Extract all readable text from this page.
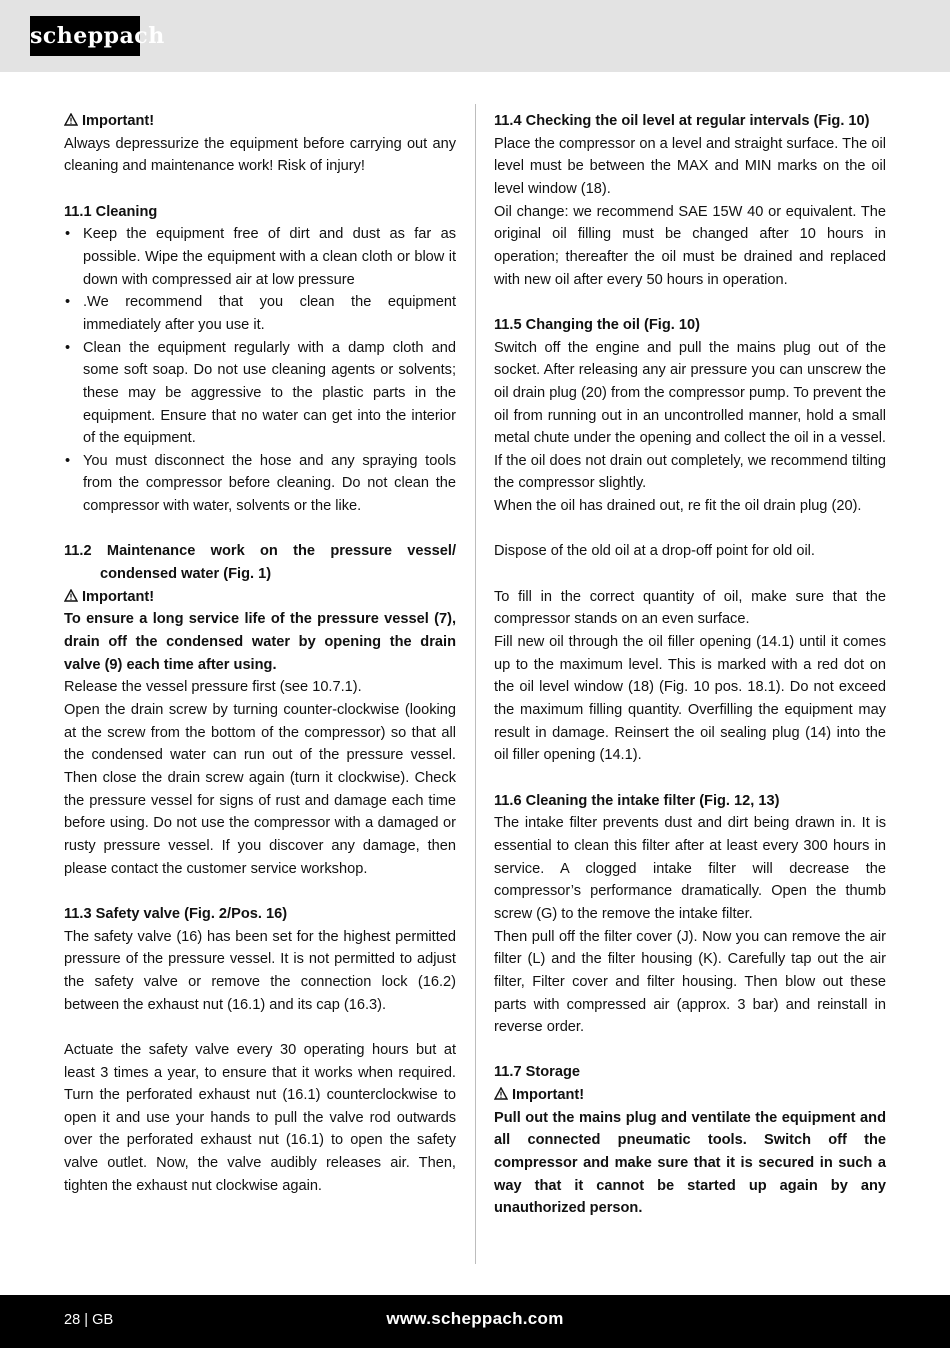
scheppach

Important!

Always depressurize the equipment before carrying out any cleaning and maintenance work! Risk of injury!

11.1 Cleaning

• Keep the equipment free of dirt and dust as far as possible. Wipe the equipment with a clean cloth or blow it down with compressed air at low pressure
• .We recommend that you clean the equipment immediately after you use it.
• Clean the equipment regularly with a damp cloth and some soft soap. Do not use cleaning agents or solvents; these may be aggressive to the plastic parts in the equipment. Ensure that no water can get into the interior of the equipment.
• You must disconnect the hose and any spraying tools from the compressor before cleaning. Do not clean the compressor with water, solvents or the like.

11.2 Maintenance work on the pressure vessel/ condensed water (Fig. 1)

Important!

To ensure a long service life of the pressure vessel (7), drain off the condensed water by opening the drain valve (9) each time after using.

Release the vessel pressure first (see 10.7.1).

Open the drain screw by turning counter-clockwise (looking at the screw from the bottom of the compressor) so that all the condensed water can run out of the pressure vessel. Then close the drain screw again (turn it clockwise). Check the pressure vessel for signs of rust and damage each time before using. Do not use the compressor with a damaged or rusty pressure vessel. If you discover any damage, then please contact the customer service workshop.

11.3 Safety valve (Fig. 2/Pos. 16)

The safety valve (16) has been set for the highest permitted pressure of the pressure vessel. It is not permitted to adjust the safety valve or remove the connection lock (16.2) between the exhaust nut (16.1) and its cap (16.3).

Actuate the safety valve every 30 operating hours but at least 3 times a year, to ensure that it works when required. Turn the perforated exhaust nut (16.1) counterclockwise to open it and use your hands to pull the valve rod outwards over the perforated exhaust nut (16.1) to open the safety valve outlet. Now, the valve audibly releases air. Then, tighten the exhaust nut clockwise again.

11.4 Checking the oil level at regular intervals (Fig. 10)

Place the compressor on a level and straight surface. The oil level must be between the MAX and MIN marks on the oil level window (18).

Oil change: we recommend SAE 15W 40 or equivalent. The original oil filling must be changed after 10 hours in operation; thereafter the oil must be drained and replaced with new oil after every 50 hours in operation.

11.5 Changing the oil (Fig. 10)

Switch off the engine and pull the mains plug out of the socket. After releasing any air pressure you can unscrew the oil drain plug (20) from the compressor pump. To prevent the oil from running out in an uncontrolled manner, hold a small metal chute under the opening and collect the oil in a vessel. If the oil does not drain out completely, we recommend tilting the compressor slightly.

When the oil has drained out, re fit the oil drain plug (20).

Dispose of the old oil at a drop-off point for old oil.

To fill in the correct quantity of oil, make sure that the compressor stands on an even surface.

Fill new oil through the oil filler opening (14.1) until it comes up to the maximum level. This is marked with a red dot on the oil level window (18) (Fig. 10 pos. 18.1). Do not exceed the maximum filling quantity. Overfilling the equipment may result in damage. Reinsert the oil sealing plug (14) into the oil filler opening (14.1).

11.6 Cleaning the intake filter (Fig. 12, 13)

The intake filter prevents dust and dirt being drawn in. It is essential to clean this filter after at least every 300 hours in service. A clogged intake filter will decrease the compressor’s performance dramatically. Open the thumb screw (G) to the remove the intake filter.

Then pull off the filter cover (J). Now you can remove the air filter (L) and the filter housing (K). Carefully tap out the air filter, Filter cover and filter housing. Then blow out these parts with compressed air (approx. 3 bar) and reinstall in reverse order.

11.7 Storage

Important!

Pull out the mains plug and ventilate the equipment and all connected pneumatic tools. Switch off the compressor and make sure that it is secured in such a way that it cannot be started up again by any unauthorized person.

28 | GB	www.scheppach.com
